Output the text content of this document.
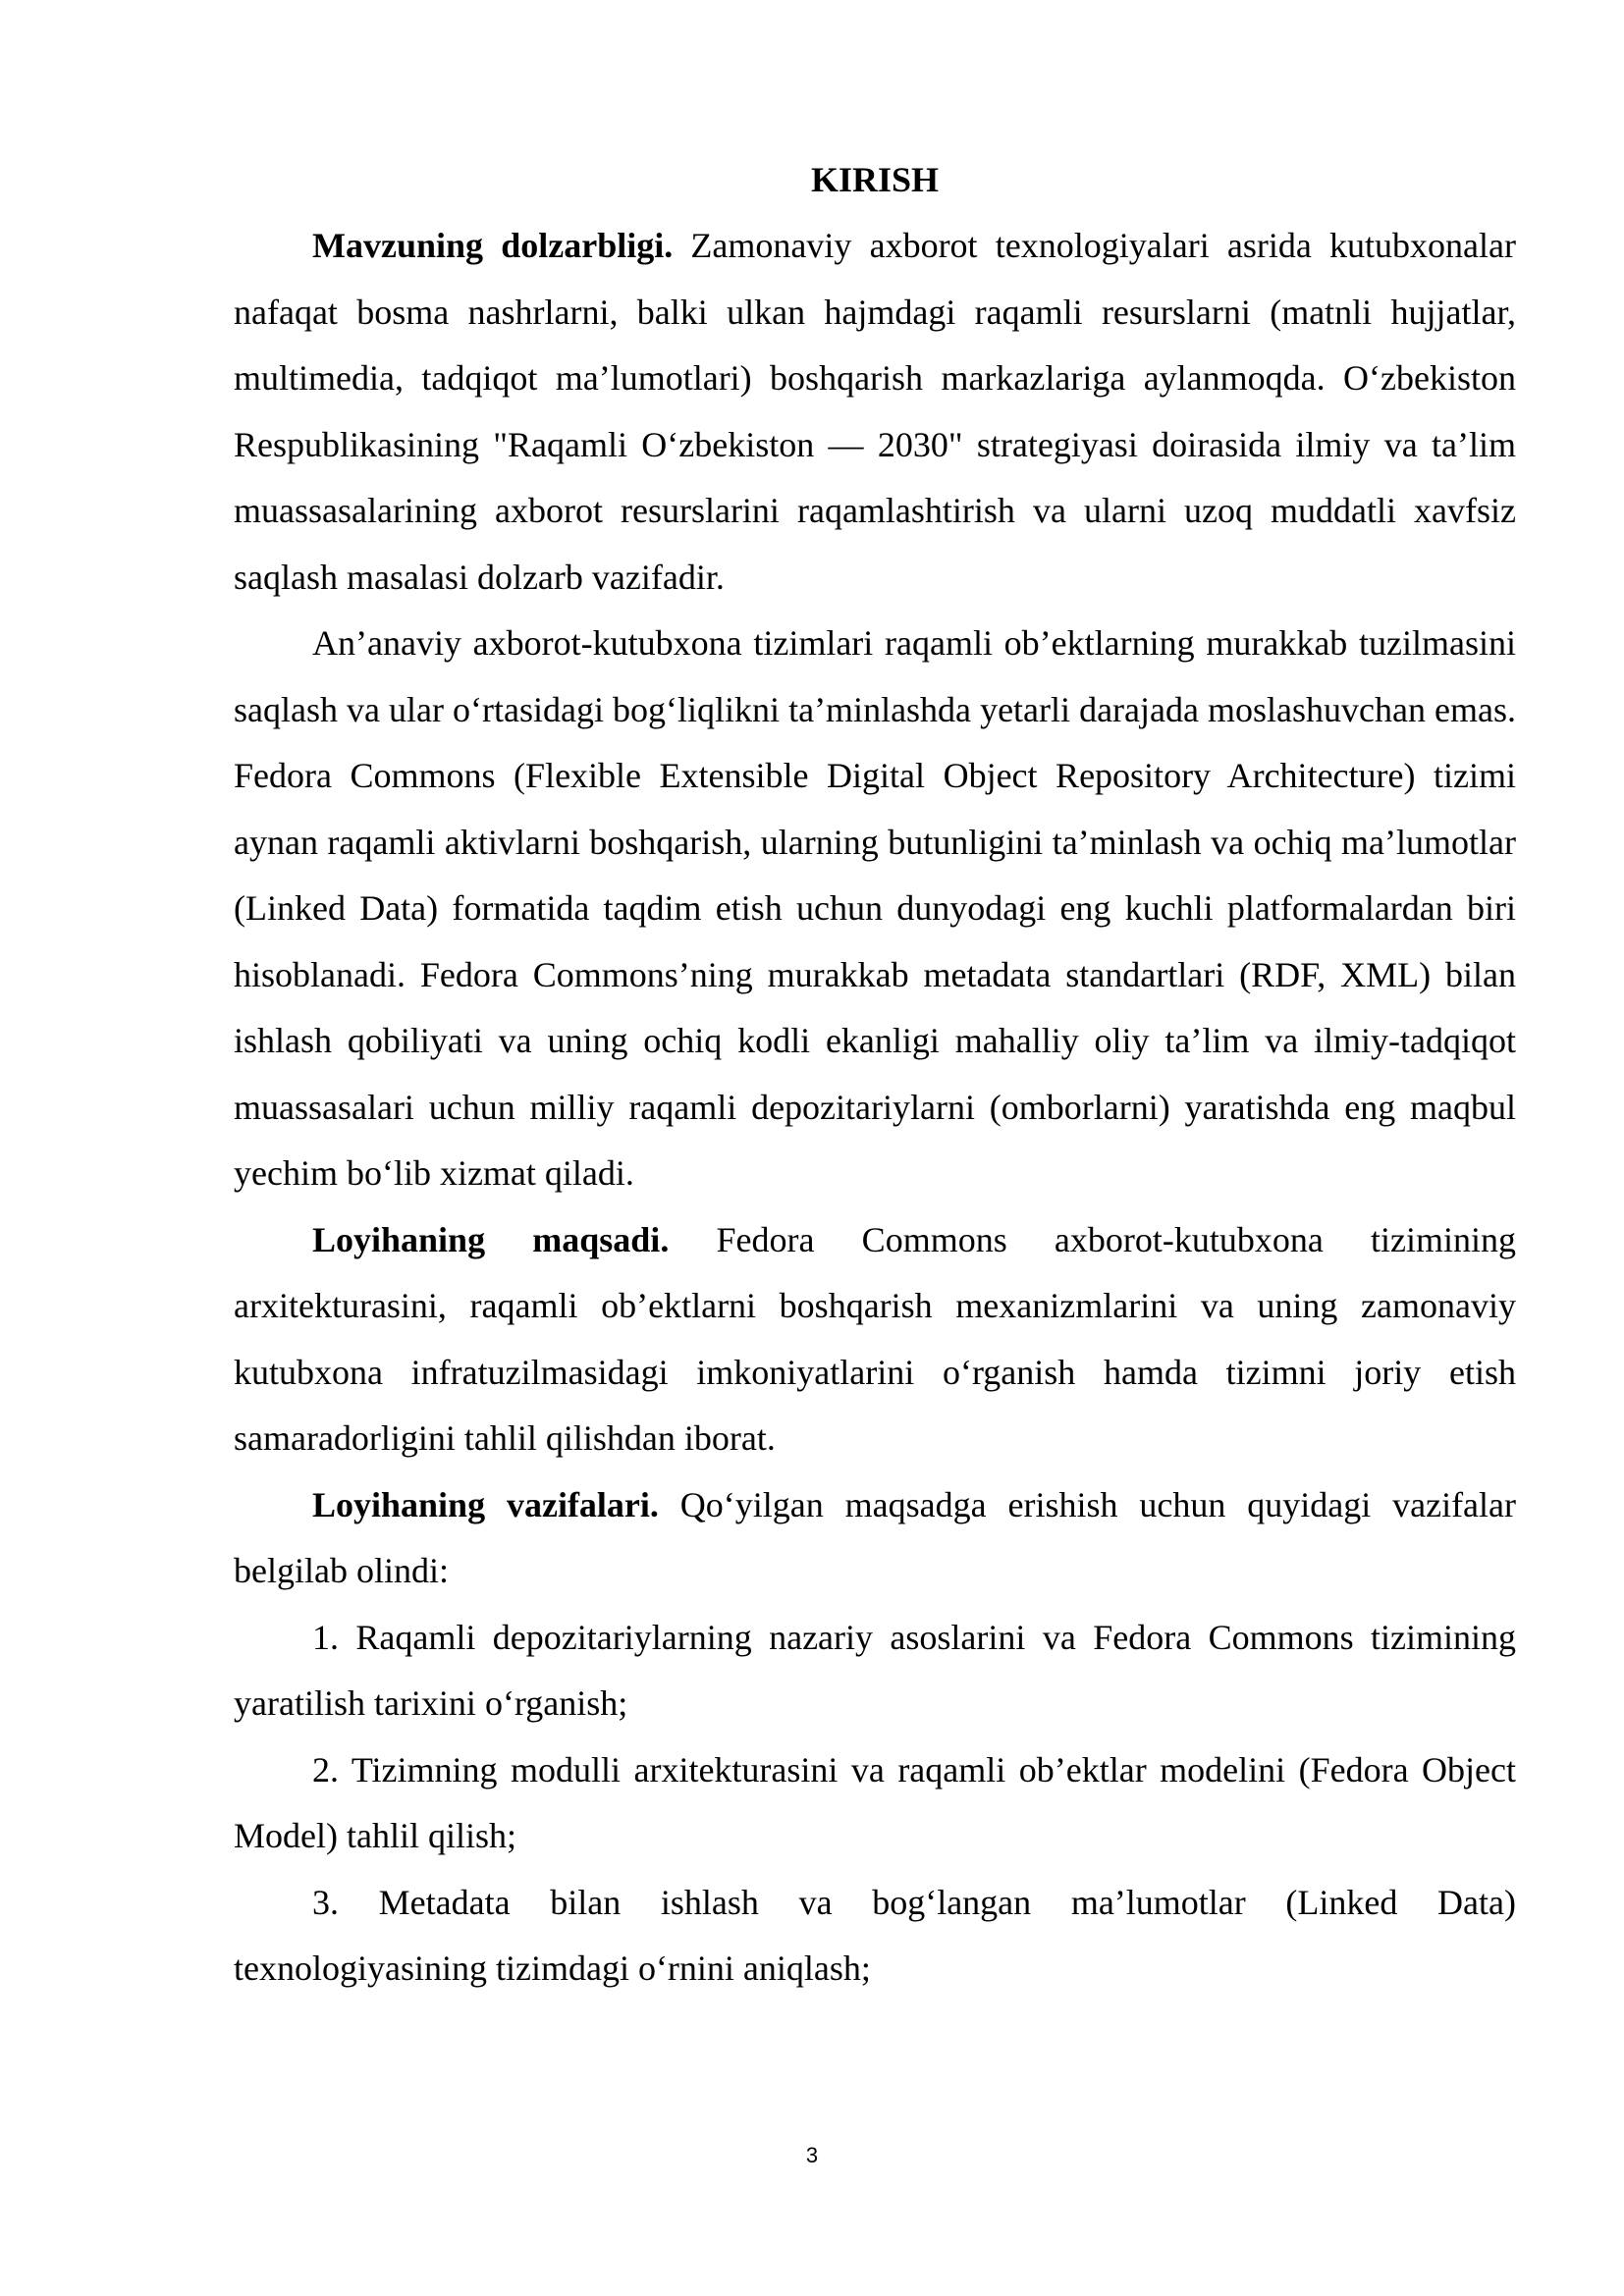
KIRISH

Mavzuning dolzarbligi. Zamonaviy axborot texnologiyalari asrida kutubxonalar nafaqat bosma nashrlarni, balki ulkan hajmdagi raqamli resurslarni (matnli hujjatlar, multimedia, tadqiqot ma’lumotlari) boshqarish markazlariga aylanmoqda. O‘zbekiston Respublikasining "Raqamli O‘zbekiston — 2030" strategiyasi doirasida ilmiy va ta’lim muassasalarining axborot resurslarini raqamlashtirish va ularni uzoq muddatli xavfsiz saqlash masalasi dolzarb vazifadir.

An’anaviy axborot-kutubxona tizimlari raqamli ob’ektlarning murakkab tuzilmasini saqlash va ular o‘rtasidagi bog‘liqlikni ta’minlashda yetarli darajada moslashuvchan emas. Fedora Commons (Flexible Extensible Digital Object Repository Architecture) tizimi aynan raqamli aktivlarni boshqarish, ularning butunligini ta’minlash va ochiq ma’lumotlar (Linked Data) formatida taqdim etish uchun dunyodagi eng kuchli platformalardan biri hisoblanadi. Fedora Commons’ning murakkab metadata standartlari (RDF, XML) bilan ishlash qobiliyati va uning ochiq kodli ekanligi mahalliy oliy ta’lim va ilmiy-tadqiqot muassasalari uchun milliy raqamli depozitariylarni (omborlarni) yaratishda eng maqbul yechim bo‘lib xizmat qiladi.

Loyihaning maqsadi. Fedora Commons axborot-kutubxona tizimining arxitekturasini, raqamli ob’ektlarni boshqarish mexanizmlarini va uning zamonaviy kutubxona infratuzilmasidagi imkoniyatlarini o‘rganish hamda tizimni joriy etish samaradorligini tahlil qilishdan iborat.

Loyihaning vazifalari. Qo‘yilgan maqsadga erishish uchun quyidagi vazifalar belgilab olindi:

1. Raqamli depozitariylarning nazariy asoslarini va Fedora Commons tizimining yaratilish tarixini o‘rganish;

2. Tizimning modulli arxitekturasini va raqamli ob’ektlar modelini (Fedora Object Model) tahlil qilish;

3. Metadata bilan ishlash va bog‘langan ma’lumotlar (Linked Data) texnologiyasining tizimdagi o‘rnini aniqlash;

3
